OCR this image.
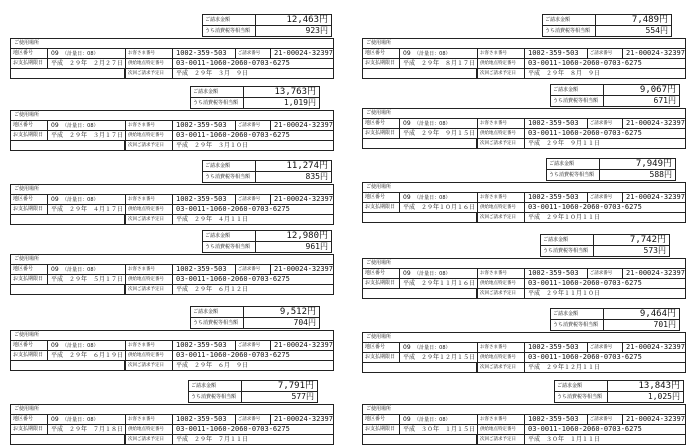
ご請求金額	12,463円
うち消費税等相当額	923円
ご使用場所
地区番号	09　 （計量日：08）	お客さま番号	1002-359-503	ご請求番号	21-00024-32397
お支払期限日	平成　２９年　２月２７日	供給地点特定番号	03-0011-1060-2060-0703-6275
次回ご請求予定日	平成　２９年　３月　９日
ご請求金額	13,763円
うち消費税等相当額	1,019円
ご使用場所
地区番号	09　 （計量日：08）	お客さま番号	1002-359-503	ご請求番号	21-00024-32397
お支払期限日	平成　２９年　３月１７日	供給地点特定番号	03-0011-1060-2060-0703-6275
次回ご請求予定日	平成　２９年　３月１０日
ご請求金額	11,274円
うち消費税等相当額	835円
ご使用場所
地区番号	09　 （計量日：08）	お客さま番号	1002-359-503	ご請求番号	21-00024-32397
お支払期限日	平成　２９年　４月１７日	供給地点特定番号	03-0011-1060-2060-0703-6275
次回ご請求予定日	平成　２９年　４月１１日
ご請求金額	12,980円
うち消費税等相当額	961円
ご使用場所
地区番号	09　 （計量日：08）	お客さま番号	1002-359-503	ご請求番号	21-00024-32397
お支払期限日	平成　２９年　５月１７日	供給地点特定番号	03-0011-1060-2060-0703-6275
次回ご請求予定日	平成　２９年　６月１２日
ご請求金額	9,512円
うち消費税等相当額	704円
ご使用場所
地区番号	09　 （計量日：08）	お客さま番号	1002-359-503	ご請求番号	21-00024-32397
お支払期限日	平成　２９年　６月１９日	供給地点特定番号	03-0011-1060-2060-0703-6275
次回ご請求予定日	平成　２９年　６月　９日
ご請求金額	7,791円
うち消費税等相当額	577円
ご使用場所
地区番号	09　 （計量日：08）	お客さま番号	1002-359-503	ご請求番号	21-00024-32397
お支払期限日	平成　２９年　７月１８日	供給地点特定番号	03-0011-1060-2060-0703-6275
次回ご請求予定日	平成　２９年　７月１１日
ご請求金額	7,489円
うち消費税等相当額	554円
ご使用場所
地区番号	09　 （計量日：08）	お客さま番号	1002-359-503	ご請求番号	21-00024-32397
お支払期限日	平成　２９年　８月１７日	供給地点特定番号	03-0011-1060-2060-0703-6275
次回ご請求予定日	平成　２９年　８月　９日
ご請求金額	9,067円
うち消費税等相当額	671円
ご使用場所
地区番号	09　 （計量日：08）	お客さま番号	1002-359-503	ご請求番号	21-00024-32397
お支払期限日	平成　２９年　９月１５日	供給地点特定番号	03-0011-1060-2060-0703-6275
次回ご請求予定日	平成　２９年　９月１１日
ご請求金額	7,949円
うち消費税等相当額	588円
ご使用場所
地区番号	09　 （計量日：08）	お客さま番号	1002-359-503	ご請求番号	21-00024-32397
お支払期限日	平成　２９年１０月１６日	供給地点特定番号	03-0011-1060-2060-0703-6275
次回ご請求予定日	平成　２９年１０月１１日
ご請求金額	7,742円
うち消費税等相当額	573円
ご使用場所
地区番号	09　 （計量日：08）	お客さま番号	1002-359-503	ご請求番号	21-00024-32397
お支払期限日	平成　２９年１１月１６日	供給地点特定番号	03-0011-1060-2060-0703-6275
次回ご請求予定日	平成　２９年１１月１０日
ご請求金額	9,464円
うち消費税等相当額	701円
ご使用場所
地区番号	09　 （計量日：08）	お客さま番号	1002-359-503	ご請求番号	21-00024-32397
お支払期限日	平成　２９年１２月１５日	供給地点特定番号	03-0011-1060-2060-0703-6275
次回ご請求予定日	平成　２９年１２月１１日
ご請求金額	13,843円
うち消費税等相当額	1,025円
ご使用場所
地区番号	09　 （計量日：08）	お客さま番号	1002-359-503	ご請求番号	21-00024-32397
お支払期限日	平成　３０年　１月１５日	供給地点特定番号	03-0011-1060-2060-0703-6275
次回ご請求予定日	平成　３０年　１月１１日
